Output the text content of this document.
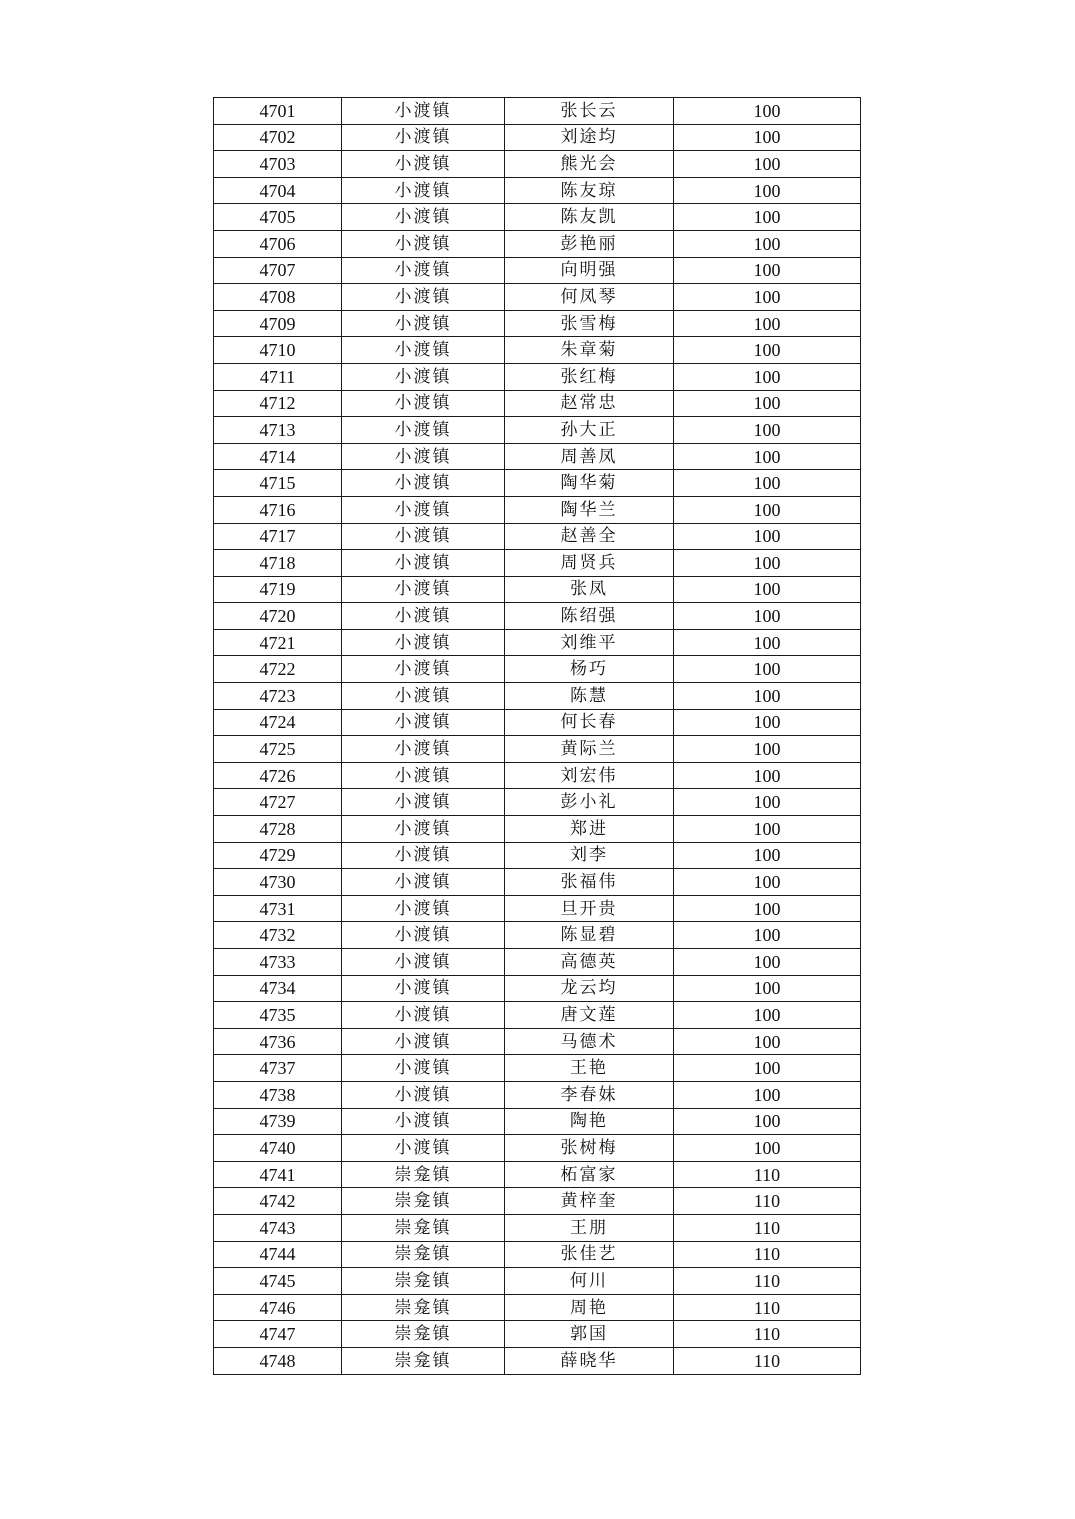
4701	小渡镇	张长云	100
4702	小渡镇	刘途均	100
4703	小渡镇	熊光会	100
4704	小渡镇	陈友琼	100
4705	小渡镇	陈友凯	100
4706	小渡镇	彭艳丽	100
4707	小渡镇	向明强	100
4708	小渡镇	何凤琴	100
4709	小渡镇	张雪梅	100
4710	小渡镇	朱章菊	100
4711	小渡镇	张红梅	100
4712	小渡镇	赵常忠	100
4713	小渡镇	孙大正	100
4714	小渡镇	周善凤	100
4715	小渡镇	陶华菊	100
4716	小渡镇	陶华兰	100
4717	小渡镇	赵善全	100
4718	小渡镇	周贤兵	100
4719	小渡镇	张凤	100
4720	小渡镇	陈绍强	100
4721	小渡镇	刘维平	100
4722	小渡镇	杨巧	100
4723	小渡镇	陈慧	100
4724	小渡镇	何长春	100
4725	小渡镇	黄际兰	100
4726	小渡镇	刘宏伟	100
4727	小渡镇	彭小礼	100
4728	小渡镇	郑进	100
4729	小渡镇	刘李	100
4730	小渡镇	张福伟	100
4731	小渡镇	旦开贵	100
4732	小渡镇	陈显碧	100
4733	小渡镇	高德英	100
4734	小渡镇	龙云均	100
4735	小渡镇	唐文莲	100
4736	小渡镇	马德术	100
4737	小渡镇	王艳	100
4738	小渡镇	李春妹	100
4739	小渡镇	陶艳	100
4740	小渡镇	张树梅	100
4741	崇龛镇	柘富家	110
4742	崇龛镇	黄梓奎	110
4743	崇龛镇	王朋	110
4744	崇龛镇	张佳艺	110
4745	崇龛镇	何川	110
4746	崇龛镇	周艳	110
4747	崇龛镇	郭国	110
4748	崇龛镇	薛晓华	110
